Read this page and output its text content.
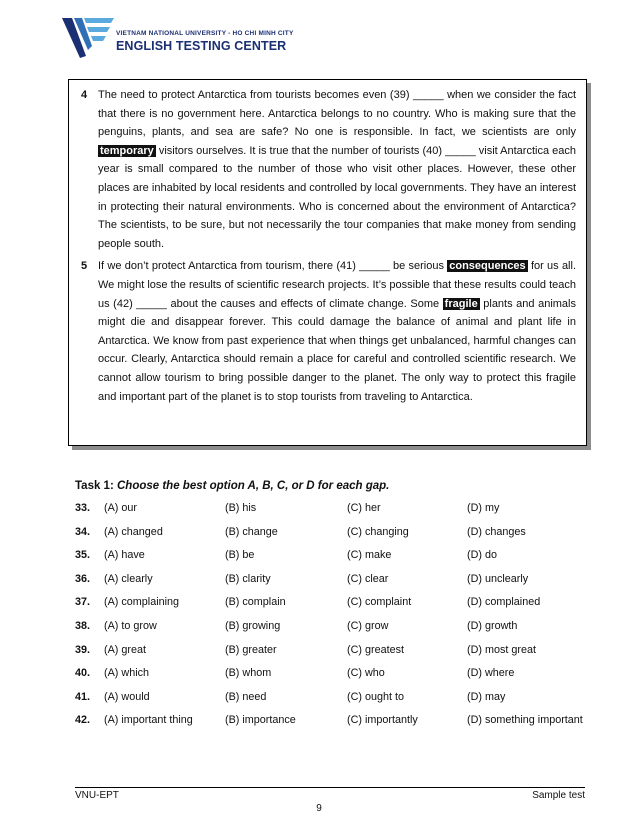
VIETNAM NATIONAL UNIVERSITY - HO CHI MINH CITY
ENGLISH TESTING CENTER
4 The need to protect Antarctica from tourists becomes even (39) _____ when we consider the fact that there is no government here. Antarctica belongs to no country. Who is making sure that the penguins, plants, and sea are safe? No one is responsible. In fact, we scientists are only temporary visitors ourselves. It is true that the number of tourists (40) _____ visit Antarctica each year is small compared to the number of those who visit other places. However, these other places are inhabited by local residents and controlled by local governments. They have an interest in protecting their natural environments. Who is concerned about the environment of Antarctica? The scientists, to be sure, but not necessarily the tour companies that make money from sending people south.
5 If we don’t protect Antarctica from tourism, there (41) _____ be serious consequences for us all. We might lose the results of scientific research projects. It’s possible that these results could teach us (42) _____ about the causes and effects of climate change. Some fragile plants and animals might die and disappear forever. This could damage the balance of animal and plant life in Antarctica. We know from past experience that when things get unbalanced, harmful changes can occur. Clearly, Antarctica should remain a place for careful and controlled scientific research. We cannot allow tourism to bring possible danger to the planet. The only way to protect this fragile and important part of the planet is to stop tourists from traveling to Antarctica.
Task 1: Choose the best option A, B, C, or D for each gap.
33. (A) our	(B) his	(C) her	(D) my
34. (A) changed	(B) change	(C) changing	(D) changes
35. (A) have	(B) be	(C) make	(D) do
36. (A) clearly	(B) clarity	(C) clear	(D) unclearly
37. (A) complaining	(B) complain	(C) complaint	(D) complained
38. (A) to grow	(B) growing	(C) grow	(D) growth
39. (A) great	(B) greater	(C) greatest	(D) most great
40. (A) which	(B) whom	(C) who	(D) where
41. (A) would	(B) need	(C) ought to	(D) may
42. (A) important thing	(B) importance	(C) importantly	(D) something important
VNU-EPT	Sample test
9
